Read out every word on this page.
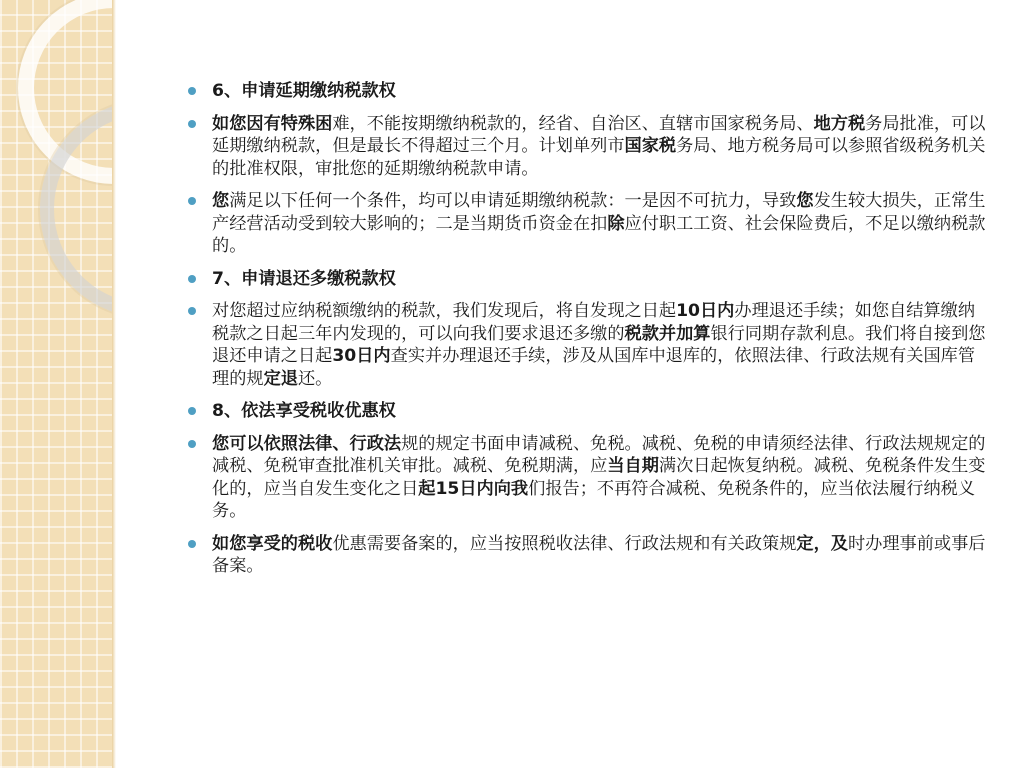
6、申请延期缴纳税款权
如您因有特殊困难，不能按期缴纳税款的，经省、自治区、直辖市国家税务局、地方税务局批准，可以延期缴纳税款，但是最长不得超过三个月。计划单列市国家税务局、地方税务局可以参照省级税务机关的批准权限，审批您的延期缴纳税款申请。
您满足以下任何一个条件，均可以申请延期缴纳税款：一是因不可抗力，导致您发生较大损失，正常生产经营活动受到较大影响的；二是当期货币资金在扣除应付职工工资、社会保险费后，不足以缴纳税款的。
7、申请退还多缴税款权
对您超过应纳税额缴纳的税款，我们发现后，将自发现之日起10日内办理退还手续；如您自结算缴纳税款之日起三年内发现的，可以向我们要求退还多缴的税款并加算银行同期存款利息。我们将自接到您退还申请之日起30日内查实并办理退还手续，涉及从国库中退库的，依照法律、行政法规有关国库管理的规定退还。
8、依法享受税收优惠权
您可以依照法律、行政法规的规定书面申请减税、免税。减税、免税的申请须经法律、行政法规规定的减税、免税审查批准机关审批。减税、免税期满，应当自期满次日起恢复纳税。减税、免税条件发生变化的，应当自发生变化之日起15日内向我们报告；不再符合减税、免税条件的，应当依法履行纳税义务。
如您享受的税收优惠需要备案的，应当按照税收法律、行政法规和有关政策规定，及时办理事前或事后备案。
